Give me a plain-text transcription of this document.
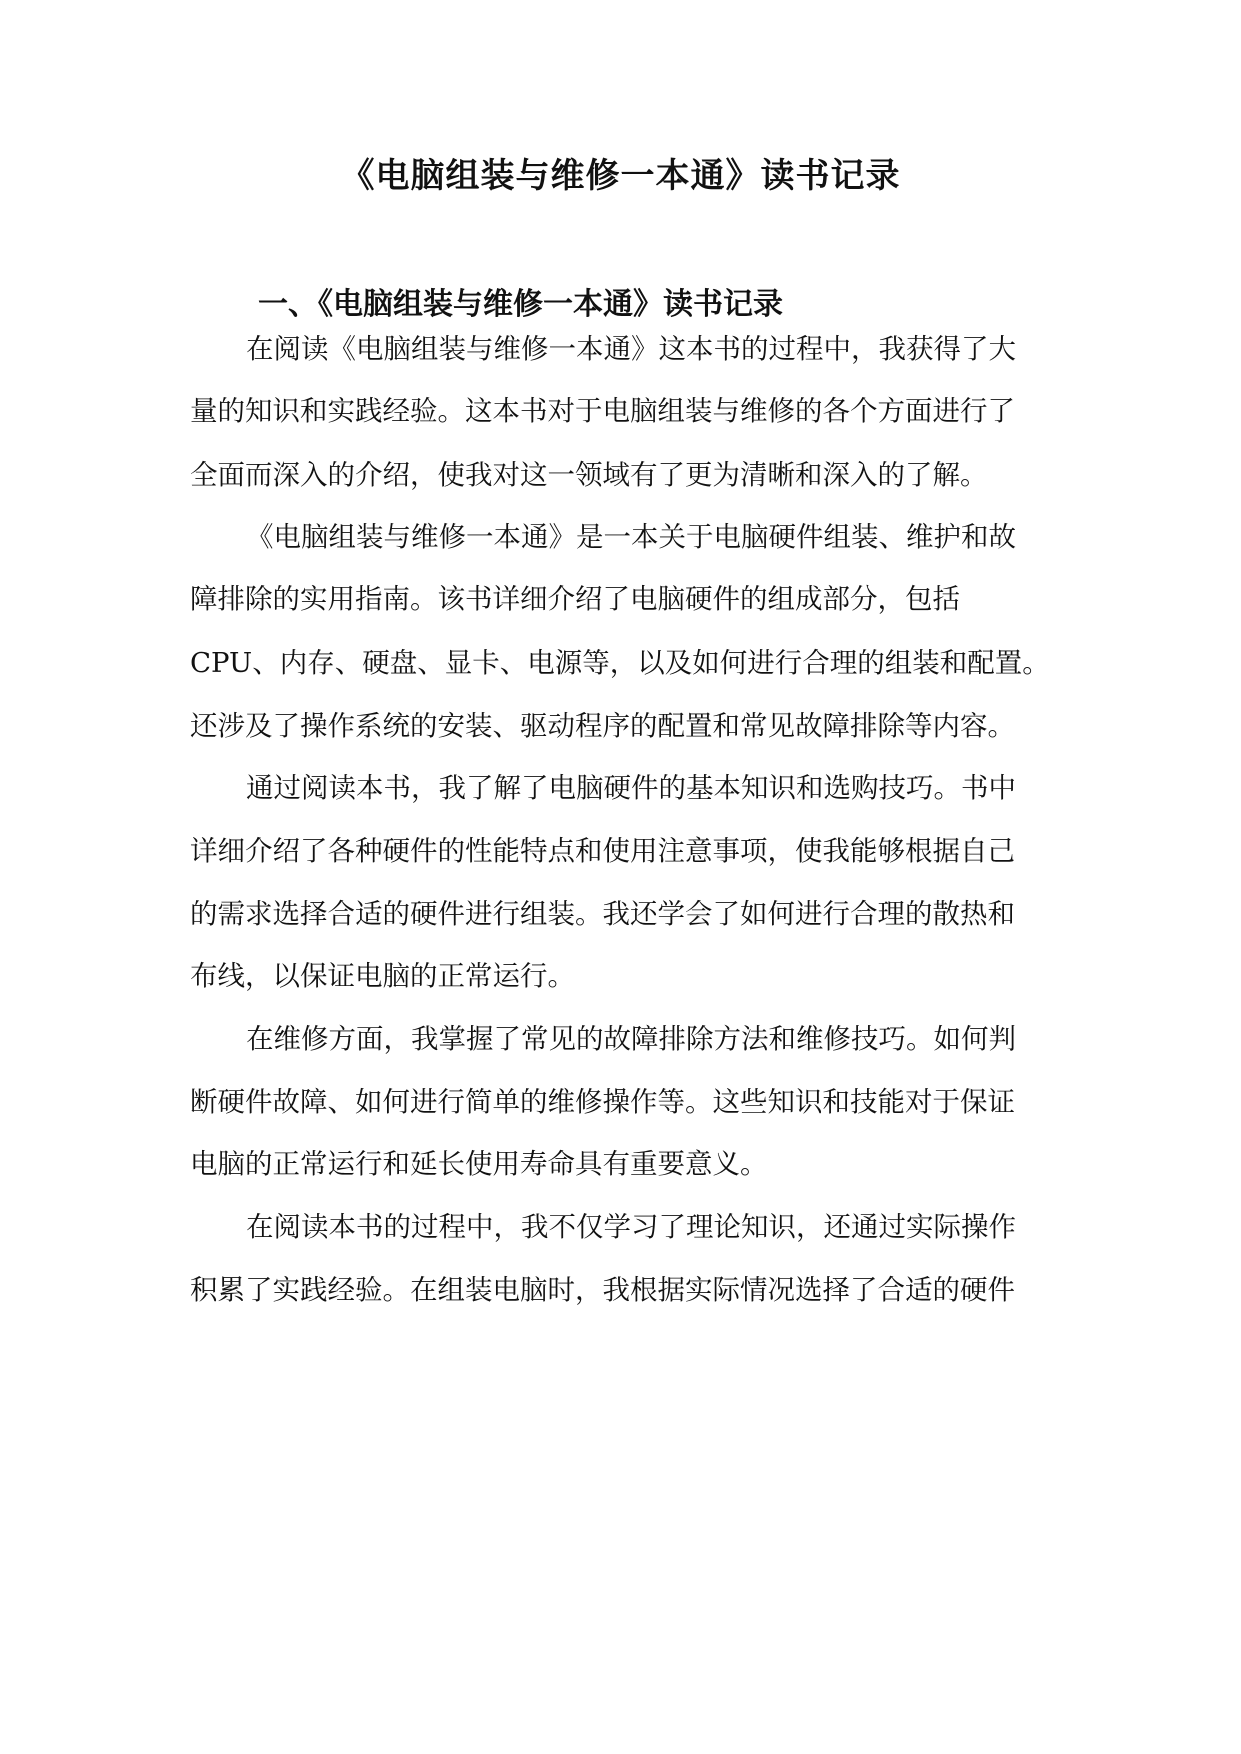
《电脑组装与维修一本通》读书记录
一、《电脑组装与维修一本通》读书记录
在阅读《电脑组装与维修一本通》这本书的过程中，我获得了大
量的知识和实践经验。这本书对于电脑组装与维修的各个方面进行了
全面而深入的介绍，使我对这一领域有了更为清晰和深入的了解。
《电脑组装与维修一本通》是一本关于电脑硬件组装、维护和故
障排除的实用指南。该书详细介绍了电脑硬件的组成部分，包括
CPU、内存、硬盘、显卡、电源等，以及如何进行合理的组装和配置。
还涉及了操作系统的安装、驱动程序的配置和常见故障排除等内容。
通过阅读本书，我了解了电脑硬件的基本知识和选购技巧。书中
详细介绍了各种硬件的性能特点和使用注意事项，使我能够根据自己
的需求选择合适的硬件进行组装。我还学会了如何进行合理的散热和
布线，以保证电脑的正常运行。
在维修方面，我掌握了常见的故障排除方法和维修技巧。如何判
断硬件故障、如何进行简单的维修操作等。这些知识和技能对于保证
电脑的正常运行和延长使用寿命具有重要意义。
在阅读本书的过程中，我不仅学习了理论知识，还通过实际操作
积累了实践经验。在组装电脑时，我根据实际情况选择了合适的硬件
